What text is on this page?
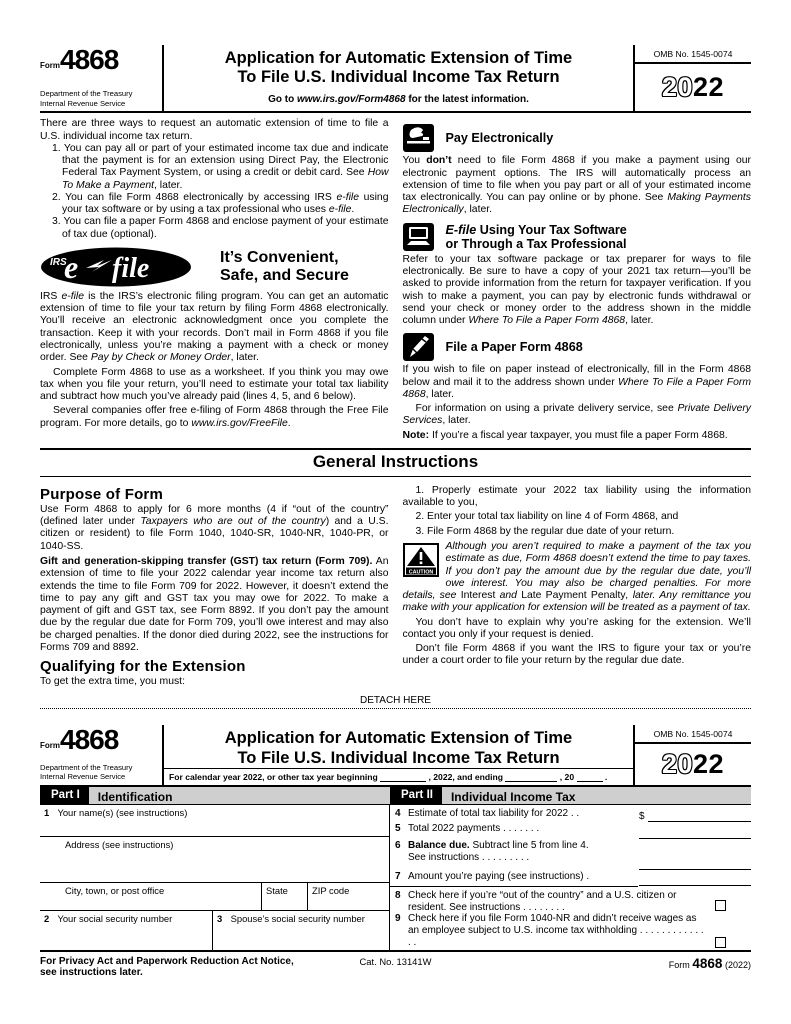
Form 4868
Department of the Treasury
Internal Revenue Service
Application for Automatic Extension of Time
To File U.S. Individual Income Tax Return
Go to www.irs.gov/Form4868 for the latest information.
OMB No. 1545-0074
20 22
There are three ways to request an automatic extension of time to file a U.S. individual income tax return.
1. You can pay all or part of your estimated income tax due and indicate that the payment is for an extension using Direct Pay, the Electronic Federal Tax Payment System, or using a credit or debit card. See How To Make a Payment, later.
2. You can file Form 4868 electronically by accessing IRS e-file using your tax software or by using a tax professional who uses e-file.
3. You can file a paper Form 4868 and enclose payment of your estimate of tax due (optional).
IRS
e file	It’s Convenient,
Safe, and Secure
IRS e-file is the IRS’s electronic filing program. You can get an automatic extension of time to file your tax return by filing Form 4868 electronically. You’ll receive an electronic acknowledgment once you complete the transaction. Keep it with your records. Don’t mail in Form 4868 if you file electronically, unless you’re making a payment with a check or money order. See Pay by Check or Money Order, later.
Complete Form 4868 to use as a worksheet. If you think you may owe tax when you file your return, you’ll need to estimate your total tax liability and subtract how much you’ve already paid (lines 4, 5, and 6 below).
Several companies offer free e-filing of Form 4868 through the Free File program. For more details, go to www.irs.gov/FreeFile.
Pay Electronically
You don’t need to file Form 4868 if you make a payment using our electronic payment options. The IRS will automatically process an extension of time to file when you pay part or all of your estimated income tax electronically. You can pay online or by phone. See Making Payments Electronically, later.
E-file Using Your Tax Software
or Through a Tax Professional
Refer to your tax software package or tax preparer for ways to file electronically. Be sure to have a copy of your 2021 tax return—you’ll be asked to provide information from the return for taxpayer verification. If you wish to make a payment, you can pay by electronic funds withdrawal or send your check or money order to the address shown in the middle column under Where To File a Paper Form 4868, later.
File a Paper Form 4868
If you wish to file on paper instead of electronically, fill in the Form 4868 below and mail it to the address shown under Where To File a Paper Form 4868, later.
For information on using a private delivery service, see Private Delivery Services, later.
Note: If you’re a fiscal year taxpayer, you must file a paper Form 4868.
General Instructions
Purpose of Form
Use Form 4868 to apply for 6 more months (4 if “out of the country” (defined later under Taxpayers who are out of the country) and a U.S. citizen or resident) to file Form 1040, 1040-SR, 1040-NR, 1040-PR, or 1040-SS.
Gift and generation-skipping transfer (GST) tax return (Form 709). An extension of time to file your 2022 calendar year income tax return also extends the time to file Form 709 for 2022. However, it doesn’t extend the time to pay any gift and GST tax you may owe for 2022. To make a payment of gift and GST tax, see Form 8892. If you don’t pay the amount due by the regular due date for Form 709, you’ll owe interest and may also be charged penalties. If the donor died during 2022, see the instructions for Forms 709 and 8892.
Qualifying for the Extension
To get the extra time, you must:
1. Properly estimate your 2022 tax liability using the information available to you,
2. Enter your total tax liability on line 4 of Form 4868, and
3. File Form 4868 by the regular due date of your return.
CAUTION
Although you aren’t required to make a payment of the tax you estimate as due, Form 4868 doesn’t extend the time to pay taxes. If you don’t pay the amount due by the regular due date, you’ll owe interest. You may also be charged penalties. For more details, see Interest and Late Payment Penalty, later. Any remittance you make with your application for extension will be treated as a payment of tax.
You don’t have to explain why you’re asking for the extension. We’ll contact you only if your request is denied.
Don’t file Form 4868 if you want the IRS to figure your tax or you’re under a court order to file your return by the regular due date.
DETACH HERE
Form 4868
Department of the Treasury
Internal Revenue Service
Application for Automatic Extension of Time
To File U.S. Individual Income Tax Return
For calendar year 2022, or other tax year beginning	, 2022, and ending	, 20	.
OMB No. 1545-0074
20 22
Part I	Identification	Part II	Individual Income Tax
1 Your name(s) (see instructions)
Address (see instructions)
City, town, or post office	State	ZIP code
2 Your social security number	3 Spouse’s social security number
4 Estimate of total tax liability for 2022 . .	$
5 Total 2022 payments . . . . . . .
6 Balance due. Subtract line 5 from line 4.
See instructions . . . . . . . . .
7 Amount you’re paying (see instructions) .
8 Check here if you’re “out of the country” and a U.S. citizen or resident. See instructions . . . . . . . .
9 Check here if you file Form 1040-NR and didn’t receive wages as an employee subject to U.S. income tax withholding . . . . . . . . . . . . . .
For Privacy Act and Paperwork Reduction Act Notice, see instructions later.
Cat. No. 13141W	Form 4868 (2022)
